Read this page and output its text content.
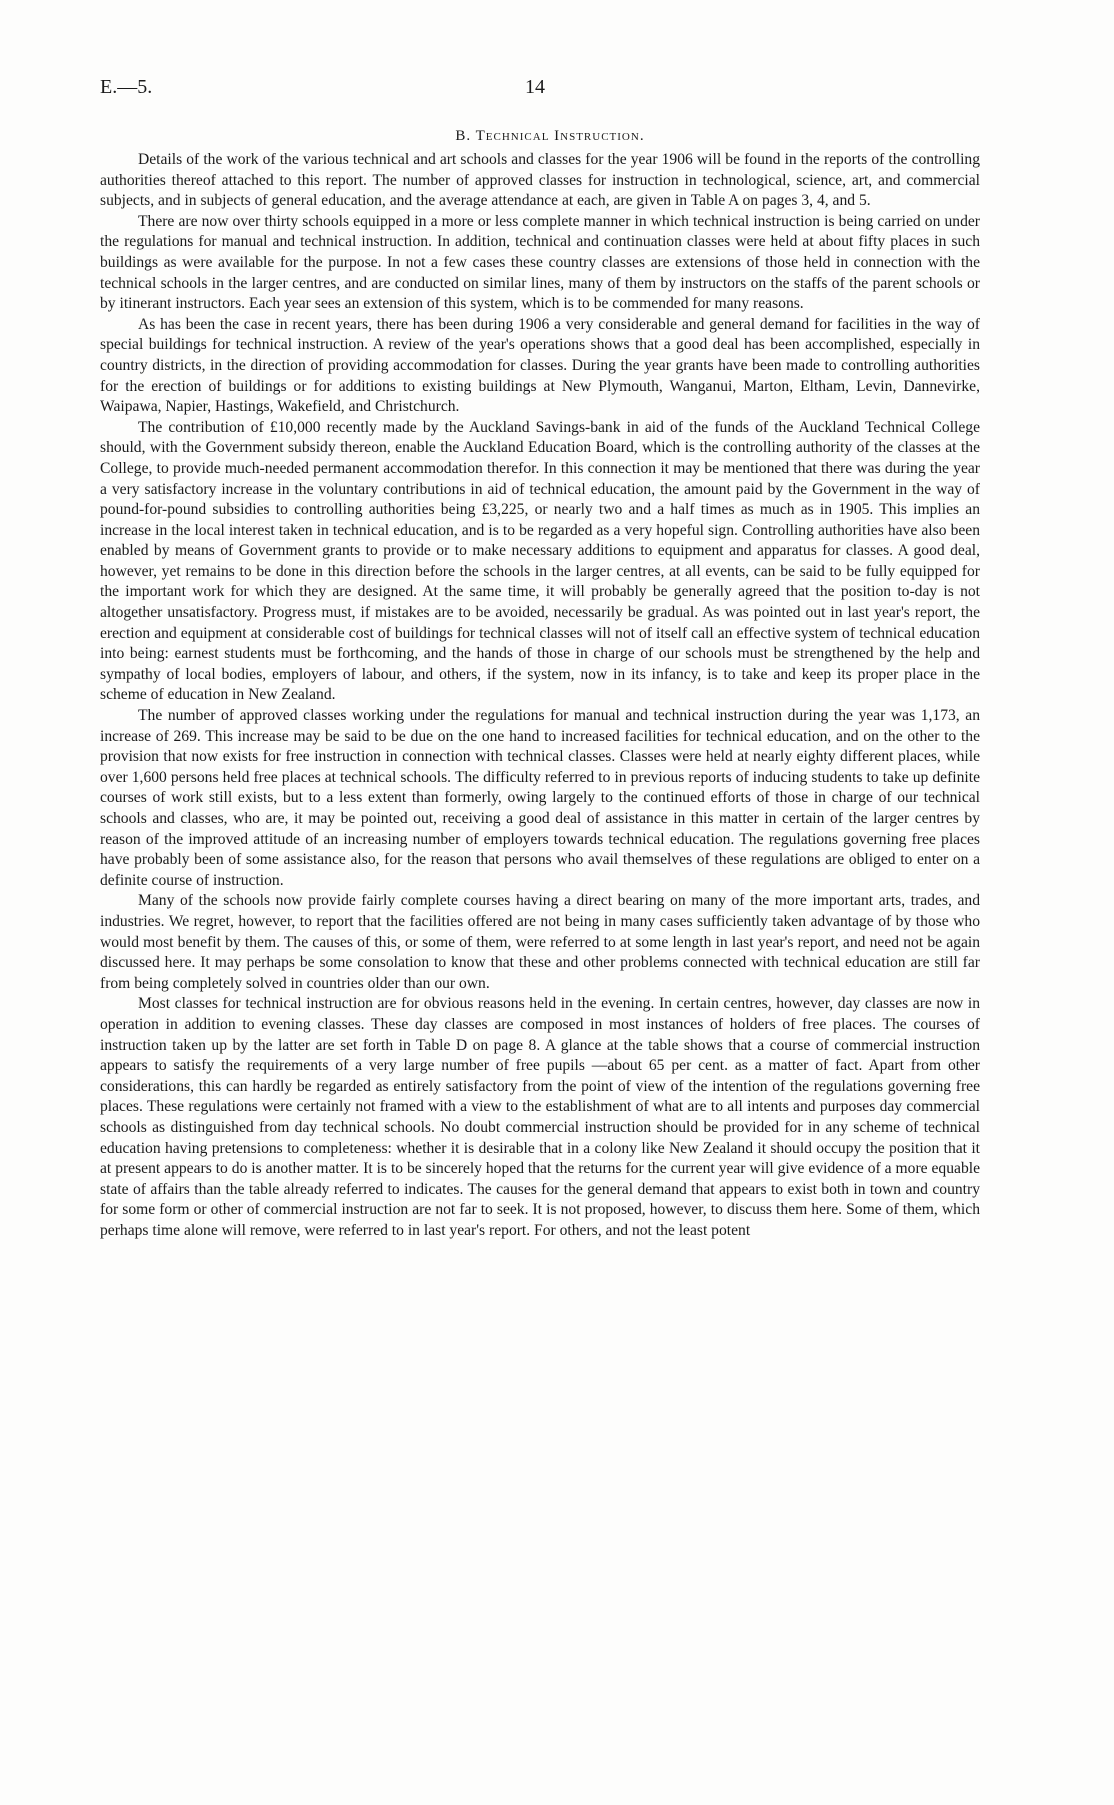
E.—5.	14
B. Technical Instruction.

Details of the work of the various technical and art schools and classes for the year 1906 will be found in the reports of the controlling authorities thereof attached to this report. The number of approved classes for instruction in technological, science, art, and commercial subjects, and in subjects of general education, and the average attendance at each, are given in Table A on pages 3, 4, and 5.

There are now over thirty schools equipped in a more or less complete manner in which technical instruction is being carried on under the regulations for manual and technical instruction. In addition, technical and continuation classes were held at about fifty places in such buildings as were available for the purpose. In not a few cases these country classes are extensions of those held in connection with the technical schools in the larger centres, and are conducted on similar lines, many of them by instructors on the staffs of the parent schools or by itinerant instructors. Each year sees an extension of this system, which is to be commended for many reasons.

As has been the case in recent years, there has been during 1906 a very considerable and general demand for facilities in the way of special buildings for technical instruction. A review of the year's operations shows that a good deal has been accomplished, especially in country districts, in the direction of providing accommodation for classes. During the year grants have been made to controlling authorities for the erection of buildings or for additions to existing buildings at New Plymouth, Wanganui, Marton, Eltham, Levin, Dannevirke, Waipawa, Napier, Hastings, Wakefield, and Christchurch.

The contribution of £10,000 recently made by the Auckland Savings-bank in aid of the funds of the Auckland Technical College should, with the Government subsidy thereon, enable the Auckland Education Board, which is the controlling authority of the classes at the College, to provide much-needed permanent accommodation therefor. In this connection it may be mentioned that there was during the year a very satisfactory increase in the voluntary contributions in aid of technical education, the amount paid by the Government in the way of pound-for-pound subsidies to controlling authorities being £3,225, or nearly two and a half times as much as in 1905. This implies an increase in the local interest taken in technical education, and is to be regarded as a very hopeful sign. Controlling authorities have also been enabled by means of Government grants to provide or to make necessary additions to equipment and apparatus for classes. A good deal, however, yet remains to be done in this direction before the schools in the larger centres, at all events, can be said to be fully equipped for the important work for which they are designed. At the same time, it will probably be generally agreed that the position to-day is not altogether unsatisfactory. Progress must, if mistakes are to be avoided, necessarily be gradual. As was pointed out in last year's report, the erection and equipment at considerable cost of buildings for technical classes will not of itself call an effective system of technical education into being: earnest students must be forthcoming, and the hands of those in charge of our schools must be strengthened by the help and sympathy of local bodies, employers of labour, and others, if the system, now in its infancy, is to take and keep its proper place in the scheme of education in New Zealand.

The number of approved classes working under the regulations for manual and technical instruction during the year was 1,173, an increase of 269. This increase may be said to be due on the one hand to increased facilities for technical education, and on the other to the provision that now exists for free instruction in connection with technical classes. Classes were held at nearly eighty different places, while over 1,600 persons held free places at technical schools. The difficulty referred to in previous reports of inducing students to take up definite courses of work still exists, but to a less extent than formerly, owing largely to the continued efforts of those in charge of our technical schools and classes, who are, it may be pointed out, receiving a good deal of assistance in this matter in certain of the larger centres by reason of the improved attitude of an increasing number of employers towards technical education. The regulations governing free places have probably been of some assistance also, for the reason that persons who avail themselves of these regulations are obliged to enter on a definite course of instruction.

Many of the schools now provide fairly complete courses having a direct bearing on many of the more important arts, trades, and industries. We regret, however, to report that the facilities offered are not being in many cases sufficiently taken advantage of by those who would most benefit by them. The causes of this, or some of them, were referred to at some length in last year's report, and need not be again discussed here. It may perhaps be some consolation to know that these and other problems connected with technical education are still far from being completely solved in countries older than our own.

Most classes for technical instruction are for obvious reasons held in the evening. In certain centres, however, day classes are now in operation in addition to evening classes. These day classes are composed in most instances of holders of free places. The courses of instruction taken up by the latter are set forth in Table D on page 8. A glance at the table shows that a course of commercial instruction appears to satisfy the requirements of a very large number of free pupils —about 65 per cent. as a matter of fact. Apart from other considerations, this can hardly be regarded as entirely satisfactory from the point of view of the intention of the regulations governing free places. These regulations were certainly not framed with a view to the establishment of what are to all intents and purposes day commercial schools as distinguished from day technical schools. No doubt commercial instruction should be provided for in any scheme of technical education having pretensions to completeness: whether it is desirable that in a colony like New Zealand it should occupy the position that it at present appears to do is another matter. It is to be sincerely hoped that the returns for the current year will give evidence of a more equable state of affairs than the table already referred to indicates. The causes for the general demand that appears to exist both in town and country for some form or other of commercial instruction are not far to seek. It is not proposed, however, to discuss them here. Some of them, which perhaps time alone will remove, were referred to in last year's report. For others, and not the least potent
